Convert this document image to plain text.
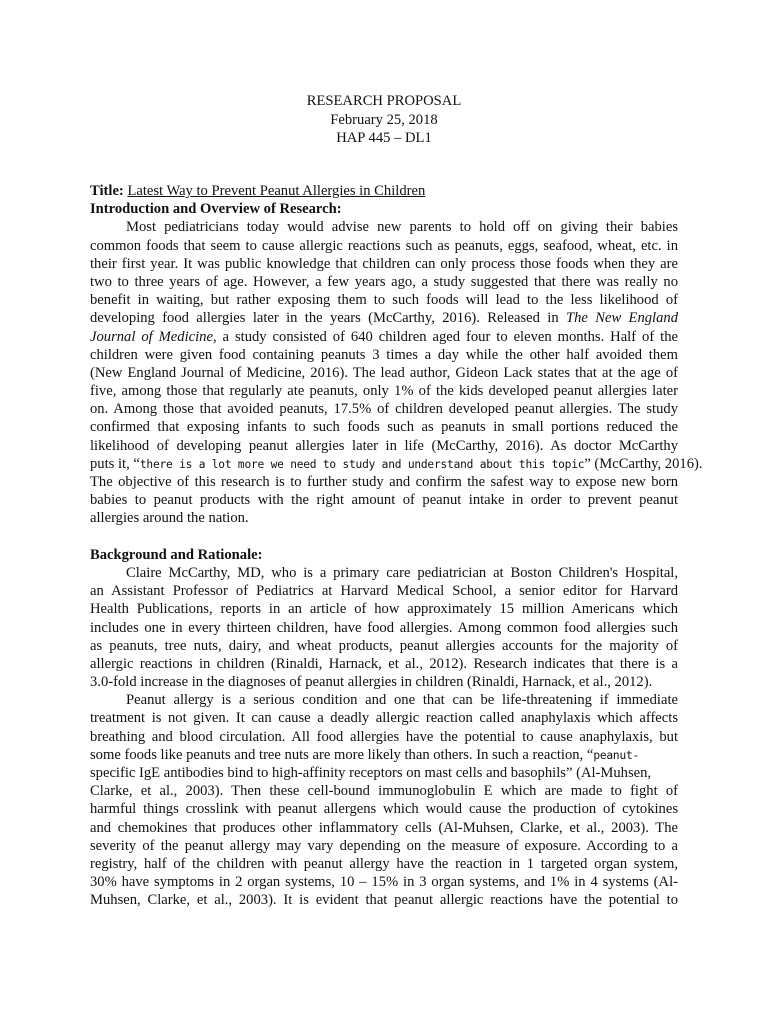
RESEARCH PROPOSAL
February 25, 2018
HAP 445 – DL1
Title: Latest Way to Prevent Peanut Allergies in Children
Introduction and Overview of Research:
Most pediatricians today would advise new parents to hold off on giving their babies
common foods that seem to cause allergic reactions such as peanuts, eggs, seafood, wheat, etc. in
their first year. It was public knowledge that children can only process those foods when they are
two to three years of age. However, a few years ago, a study suggested that there was really no
benefit in waiting, but rather exposing them to such foods will lead to the less likelihood of
developing food allergies later in the years (McCarthy, 2016). Released in The New England
Journal of Medicine, a study consisted of 640 children aged four to eleven months. Half of the
children were given food containing peanuts 3 times a day while the other half avoided them
(New England Journal of Medicine, 2016). The lead author, Gideon Lack states that at the age of
five, among those that regularly ate peanuts, only 1% of the kids developed peanut allergies later
on. Among those that avoided peanuts, 17.5% of children developed peanut allergies. The study
confirmed that exposing infants to such foods such as peanuts in small portions reduced the
likelihood of developing peanut allergies later in life (McCarthy, 2016). As doctor McCarthy
puts it, “there is a lot more we need to study and understand about this topic” (McCarthy, 2016).
The objective of this research is to further study and confirm the safest way to expose new born
babies to peanut products with the right amount of peanut intake in order to prevent peanut
allergies around the nation.
Background and Rationale:
Claire McCarthy, MD, who is a primary care pediatrician at Boston Children's Hospital,
an Assistant Professor of Pediatrics at Harvard Medical School, a senior editor for Harvard
Health Publications, reports in an article of how approximately 15 million Americans which
includes one in every thirteen children, have food allergies. Among common food allergies such
as peanuts, tree nuts, dairy, and wheat products, peanut allergies accounts for the majority of
allergic reactions in children (Rinaldi, Harnack, et al., 2012). Research indicates that there is a
3.0-fold increase in the diagnoses of peanut allergies in children (Rinaldi, Harnack, et al., 2012).
Peanut allergy is a serious condition and one that can be life-threatening if immediate
treatment is not given. It can cause a deadly allergic reaction called anaphylaxis which affects
breathing and blood circulation. All food allergies have the potential to cause anaphylaxis, but
some foods like peanuts and tree nuts are more likely than others. In such a reaction, “peanut-
specific IgE antibodies bind to high-affinity receptors on mast cells and basophils” (Al-Muhsen,
Clarke, et al., 2003). Then these cell-bound immunoglobulin E which are made to fight of
harmful things crosslink with peanut allergens which would cause the production of cytokines
and chemokines that produces other inflammatory cells (Al-Muhsen, Clarke, et al., 2003). The
severity of the peanut allergy may vary depending on the measure of exposure. According to a
registry, half of the children with peanut allergy have the reaction in 1 targeted organ system,
30% have symptoms in 2 organ systems, 10 – 15% in 3 organ systems, and 1% in 4 systems (Al-
Muhsen, Clarke, et al., 2003). It is evident that peanut allergic reactions have the potential to
